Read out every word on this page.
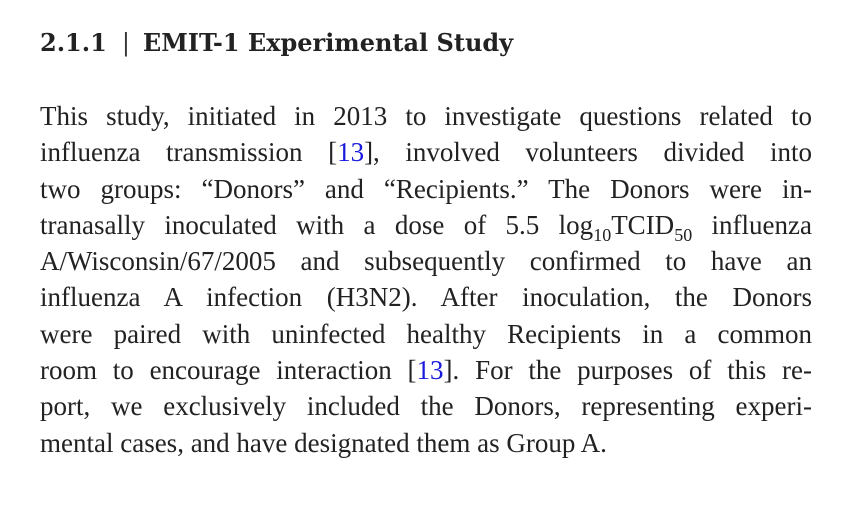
2.1.1 | EMIT-1 Experimental Study
This study, initiated in 2013 to investigate questions related to
influenza transmission [13], involved volunteers divided into
two groups: “Donors” and “Recipients.” The Donors were in-
tranasally inoculated with a dose of 5.5 $\log_{10}TCID_{50}$ influenza
A/Wisconsin/67/2005 and subsequently confirmed to have an
influenza A infection (H3N2). After inoculation, the Donors
were paired with uninfected healthy Recipients in a common
room to encourage interaction [13]. For the purposes of this re-
port, we exclusively included the Donors, representing experi-
mental cases, and have designated them as Group A.
